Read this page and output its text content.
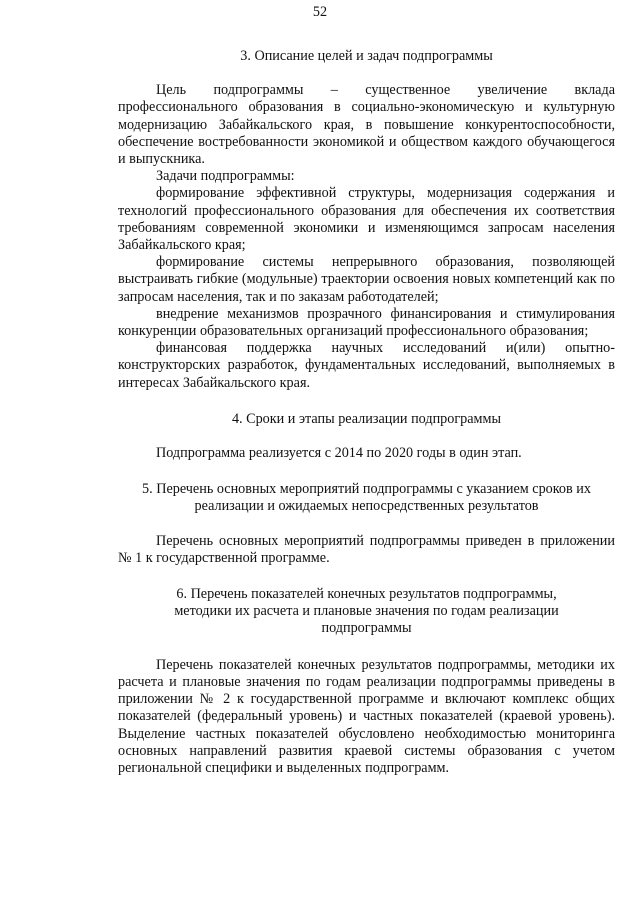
52

3. Описание целей и задач подпрограммы

Цель подпрограммы – существенное увеличение вклада профессионального образования в социально-экономическую и культурную модернизацию Забайкальского края, в повышение конкурентоспособности, обеспечение востребованности экономикой и обществом каждого обучающегося и выпускника.

Задачи подпрограммы:

формирование эффективной структуры, модернизация содержания и технологий профессионального образования для обеспечения их соответствия требованиям современной экономики и изменяющимся запросам населения Забайкальского края;

формирование системы непрерывного образования, позволяющей выстраивать гибкие (модульные) траектории освоения новых компетенций как по запросам населения, так и по заказам работодателей;

внедрение механизмов прозрачного финансирования и стимулирования конкуренции образовательных организаций профессионального образования;

финансовая поддержка научных исследований и(или) опытно-конструкторских разработок, фундаментальных исследований, выполняемых в интересах Забайкальского края.

4. Сроки и этапы реализации подпрограммы

Подпрограмма реализуется с 2014 по 2020 годы в один этап.

5. Перечень основных мероприятий подпрограммы с указанием сроков их
реализации и ожидаемых непосредственных результатов

Перечень основных мероприятий подпрограммы приведен в приложении № 1 к государственной программе.

6. Перечень показателей конечных результатов подпрограммы,
методики их расчета и плановые значения по годам реализации
подпрограммы

Перечень показателей конечных результатов подпрограммы, методики их расчета и плановые значения по годам реализации подпрограммы приведены в приложении № 2 к государственной программе и включают комплекс общих показателей (федеральный уровень) и частных показателей (краевой уровень). Выделение частных показателей обусловлено необходимостью мониторинга основных направлений развития краевой системы образования с учетом региональной специфики и выделенных подпрограмм.
